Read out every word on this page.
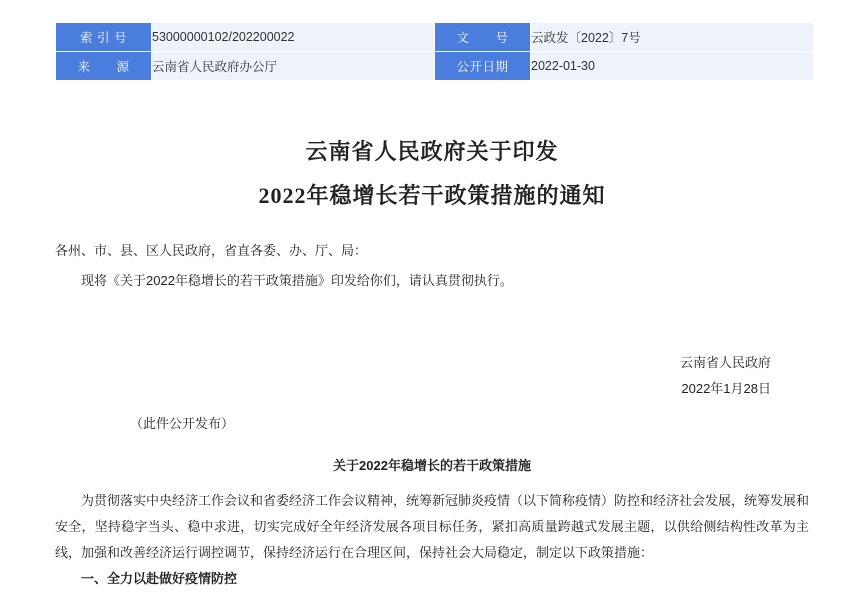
索 引 号	53000000102/202200022	文　　号	云政发〔2022〕7号
来　　源	云南省人民政府办公厅	公开日期	2022-01-30
云南省人民政府关于印发
2022年稳增长若干政策措施的通知

各州、市、县、区人民政府，省直各委、办、厅、局：

现将《关于2022年稳增长的若干政策措施》印发给你们，请认真贯彻执行。

云南省人民政府
2022年1月28日
（此件公开发布）
关于2022年稳增长的若干政策措施

为贯彻落实中央经济工作会议和省委经济工作会议精神，统筹新冠肺炎疫情（以下简称疫情）防控和经济社会发展，统筹发展和安全，坚持稳字当头、稳中求进，切实完成好全年经济发展各项目标任务，紧扣高质量跨越式发展主题，以供给侧结构性改革为主线，加强和改善经济运行调控调节，保持经济运行在合理区间，保持社会大局稳定，制定以下政策措施：

一、全力以赴做好疫情防控
